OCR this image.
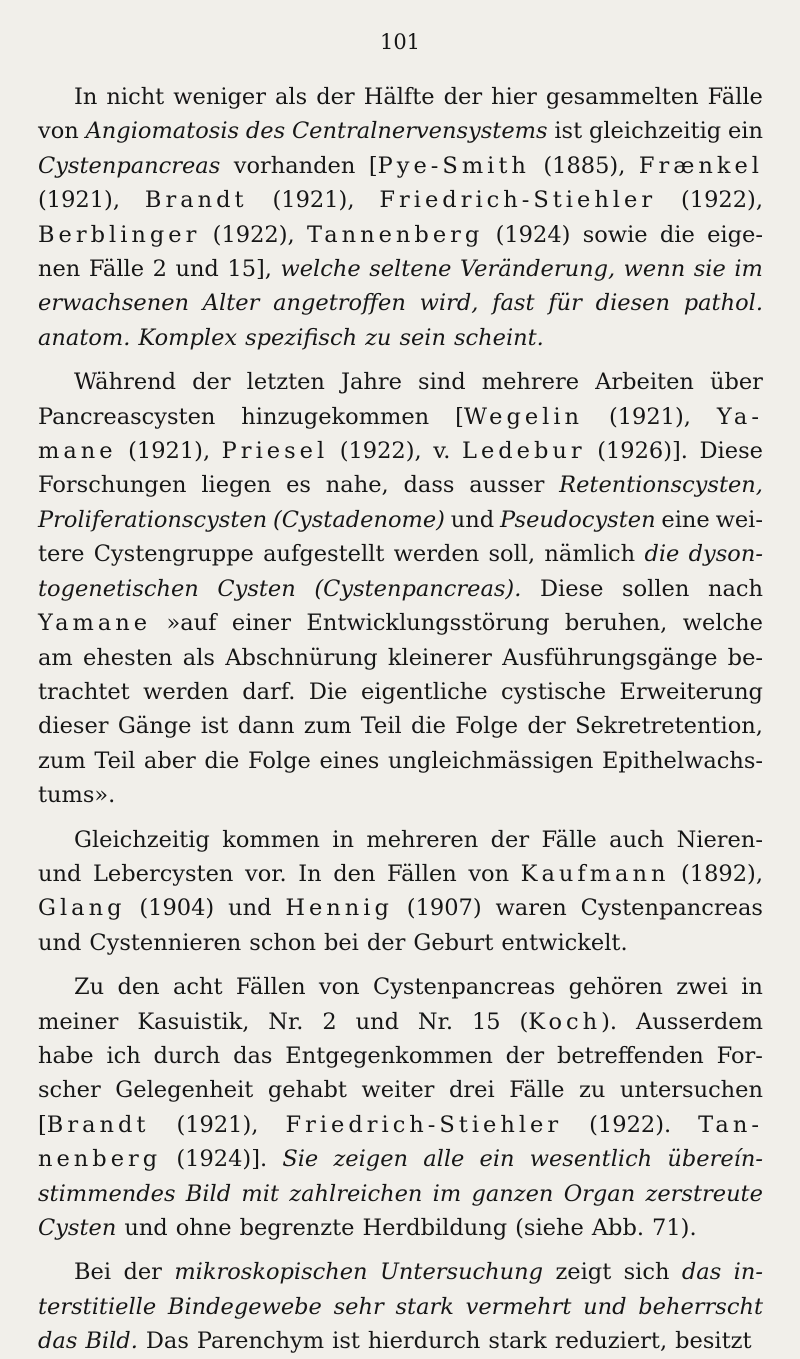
101
In nicht weniger als der Hälfte der hier gesammelten Fälle
von Angiomatosis des Centralnervensystems ist gleichzeitig ein
Cystenpancreas vorhanden [Pye-Smith (1885), Frænkel
(1921), Brandt (1921), Friedrich-Stiehler (1922),
Berblinger (1922), Tannenberg (1924) sowie die eige-
nen Fälle 2 und 15], welche seltene Veränderung, wenn sie im
erwachsenen Alter angetroffen wird, fast für diesen pathol.
anatom. Komplex spezifisch zu sein scheint.
Während der letzten Jahre sind mehrere Arbeiten über
Pancreascysten hinzugekommen [Wegelin (1921), Ya-
mane (1921), Priesel (1922), v. Ledebur (1926)]. Diese
Forschungen liegen es nahe, dass ausser Retentionscysten,
Proliferationscysten (Cystadenome) und Pseudocysten eine wei-
tere Cystengruppe aufgestellt werden soll, nämlich die dyson-
togenetischen Cysten (Cystenpancreas). Diese sollen nach
Yamane »auf einer Entwicklungsstörung beruhen, welche
am ehesten als Abschnürung kleinerer Ausführungsgänge be-
trachtet werden darf. Die eigentliche cystische Erweiterung
dieser Gänge ist dann zum Teil die Folge der Sekretretention,
zum Teil aber die Folge eines ungleichmässigen Epithelwachs-
tums».
Gleichzeitig kommen in mehreren der Fälle auch Nieren-
und Lebercysten vor. In den Fällen von Kaufmann (1892),
Glang (1904) und Hennig (1907) waren Cystenpancreas
und Cystennieren schon bei der Geburt entwickelt.
Zu den acht Fällen von Cystenpancreas gehören zwei in
meiner Kasuistik, Nr. 2 und Nr. 15 (Koch). Ausserdem
habe ich durch das Entgegenkommen der betreffenden For-
scher Gelegenheit gehabt weiter drei Fälle zu untersuchen
[Brandt (1921), Friedrich-Stiehler (1922). Tan-
nenberg (1924)]. Sie zeigen alle ein wesentlich übereín-
stimmendes Bild mit zahlreichen im ganzen Organ zerstreute
Cysten und ohne begrenzte Herdbildung (siehe Abb. 71).
Bei der mikroskopischen Untersuchung zeigt sich das in-
terstitielle Bindegewebe sehr stark vermehrt und beherrscht
das Bild. Das Parenchym ist hierdurch stark reduziert, besitzt
